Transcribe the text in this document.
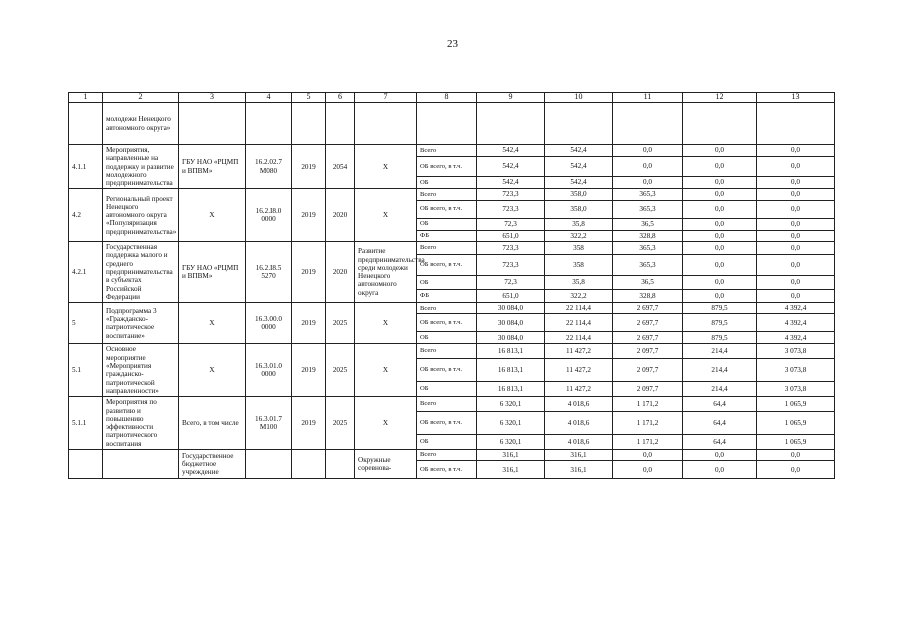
23
1	2	3	4	5	6	7	8	9	10	11	12	13
	молодежи Ненецкого автономного округа»											
4.1.1	Мероприятия, направленные на поддержку и развитие молодежного предпринимательства	ГБУ НАО «РЦМП и ВПВМ»	16.2.02.7 М080	2019	2054	Х	Всего	542,4	542,4	0,0	0,0	0,0
							ОБ всего, в т.ч.	542,4	542,4	0,0	0,0	0,0
							ОБ	542,4	542,4	0,0	0,0	0,0
4.2	Региональный проект Ненецкого автономного округа «Популяризация предпринимательства»	Х	16.2.I8.0 0000	2019	2020	Х	Всего	723,3	358,0	365,3	0,0	0,0
							ОБ всего, в т.ч.	723,3	358,0	365,3	0,0	0,0
							ОБ	72,3	35,8	36,5	0,0	0,0
							ФБ	651,0	322,2	328,8	0,0	0,0
4.2.1	Государственная поддержка малого и среднего предпринимательства в субъектах Российской Федерации	ГБУ НАО «РЦМП и ВПВМ»	16.2.I8.5 5270	2019	2020	Развитие предпринимательства среди молодежи Ненецкого автономного округа	Всего	723,3	358	365,3	0,0	0,0
							ОБ всего, в т.ч.	723,3	358	365,3	0,0	0,0
							ОБ	72,3	35,8	36,5	0,0	0,0
							ФБ	651,0	322,2	328,8	0,0	0,0
5	Подпрограмма 3 «Гражданско-патриотическое воспитание»	Х	16.3.00.0 0000	2019	2025	Х	Всего	30 084,0	22 114,4	2 697,7	879,5	4 392,4
							ОБ всего, в т.ч.	30 084,0	22 114,4	2 697,7	879,5	4 392,4
							ОБ	30 084,0	22 114,4	2 697,7	879,5	4 392,4
5.1	Основное мероприятие «Мероприятия гражданско-патриотической направленности»	Х	16.3.01.0 0000	2019	2025	Х	Всего	16 813,1	11 427,2	2 097,7	214,4	3 073,8
							ОБ всего, в т.ч.	16 813,1	11 427,2	2 097,7	214,4	3 073,8
							ОБ	16 813,1	11 427,2	2 097,7	214,4	3 073,8
5.1.1	Мероприятия по развитию и повышению эффективности патриотического воспитания	Всего, в том числе	16.3.01.7 М100	2019	2025	Х	Всего	6 320,1	4 018,6	1 171,2	64,4	1 065,9
							ОБ всего, в т.ч.	6 320,1	4 018,6	1 171,2	64,4	1 065,9
							ОБ	6 320,1	4 018,6	1 171,2	64,4	1 065,9
		Государственное бюджетное учреждение				Окружные соревнова-	Всего	316,1	316,1	0,0	0,0	0,0
							ОБ всего, в т.ч.	316,1	316,1	0,0	0,0	0,0
